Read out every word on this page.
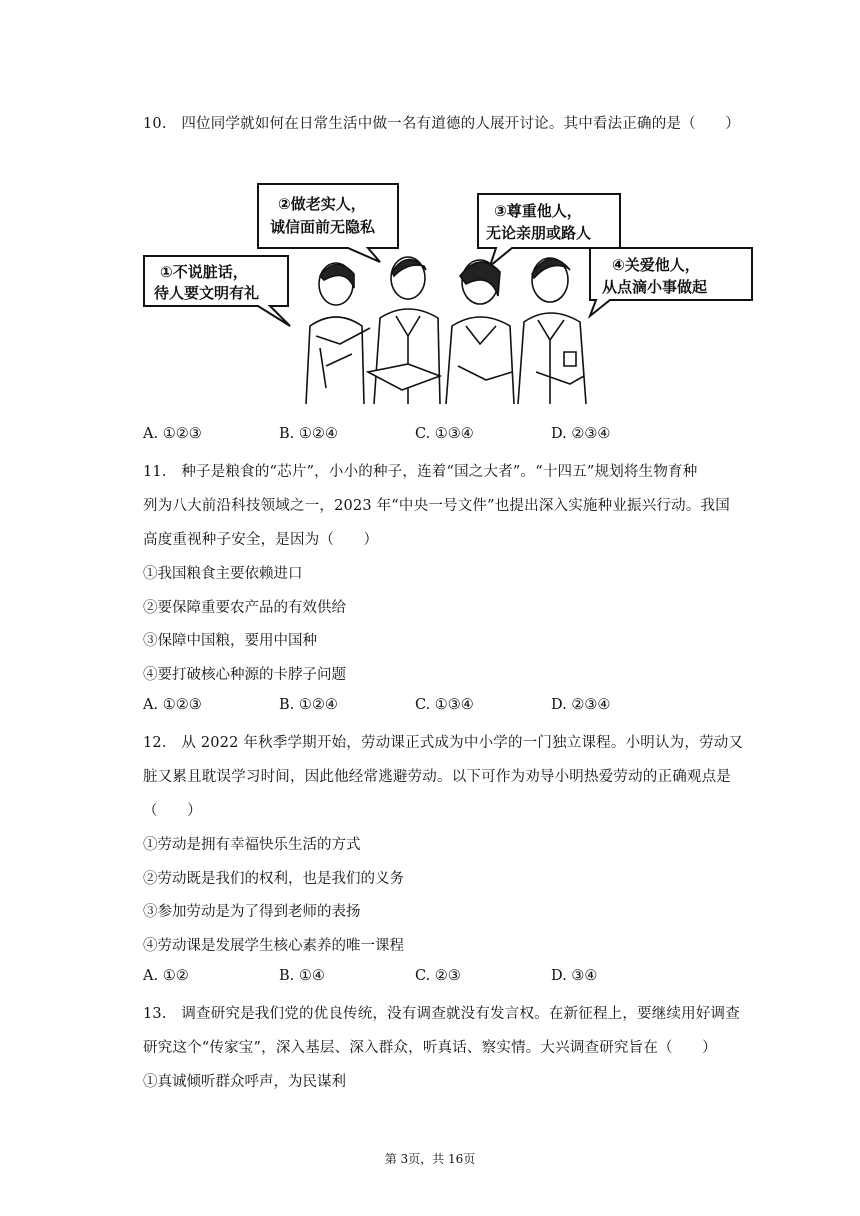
10.　四位同学就如何在日常生活中做一名有道德的人展开讨论。其中看法正确的是（　　）
①不说脏话，
待人要文明有礼
②做老实人，
诚信面前无隐私
③尊重他人，
无论亲朋或路人
④关爱他人，
从点滴小事做起
A. ①②③	B. ①②④	C. ①③④	D. ②③④
11.　种子是粮食的“芯片”，小小的种子，连着“国之大者”。“十四五”规划将生物育种
列为八大前沿科技领域之一，2023 年“中央一号文件”也提出深入实施种业振兴行动。我国
高度重视种子安全，是因为（　　）
①我国粮食主要依赖进口
②要保障重要农产品的有效供给
③保障中国粮，要用中国种
④要打破核心种源的卡脖子问题
A. ①②③	B. ①②④	C. ①③④	D. ②③④
12.　从 2022 年秋季学期开始，劳动课正式成为中小学的一门独立课程。小明认为，劳动又
脏又累且耽误学习时间，因此他经常逃避劳动。以下可作为劝导小明热爱劳动的正确观点是
（　　）
①劳动是拥有幸福快乐生活的方式
②劳动既是我们的权利，也是我们的义务
③参加劳动是为了得到老师的表扬
④劳动课是发展学生核心素养的唯一课程
A. ①②	B. ①④	C. ②③	D. ③④
13.　调查研究是我们党的优良传统，没有调查就没有发言权。在新征程上，要继续用好调查
研究这个“传家宝”，深入基层、深入群众，听真话、察实情。大兴调查研究旨在（　　）
①真诚倾听群众呼声，为民谋利
第 3页，共 16页
